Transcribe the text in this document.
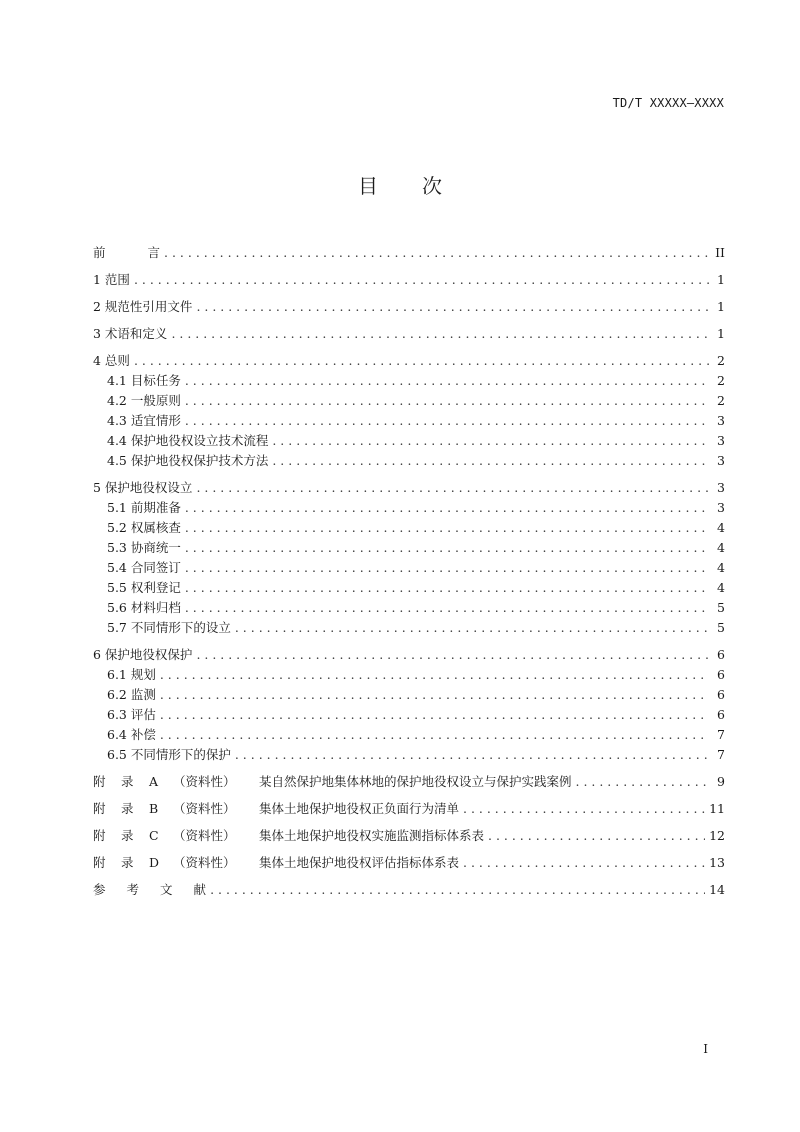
TD/T XXXXX—XXXX
目 次
前	言 . . .	II
1 范围 . . .	1
2 规范性引用文件 . . .	1
3 术语和定义 . . .	1
4 总则 . . .	2
4.1 目标任务 . . .	2
4.2 一般原则 . . .	2
4.3 适宜情形 . . .	3
4.4 保护地役权设立技术流程 . . .	3
4.5 保护地役权保护技术方法 . . .	3
5 保护地役权设立 . . .	3
5.1 前期准备 . . .	3
5.2 权属核查 . . .	4
5.3 协商统一 . . .	4
5.4 合同签订 . . .	4
5.5 权利登记 . . .	4
5.6 材料归档 . . .	5
5.7 不同情形下的设立 . . .	5
6 保护地役权保护 . . .	6
6.1 规划 . . .	6
6.2 监测 . . .	6
6.3 评估 . . .	6
6.4 补偿 . . .	7
6.5 不同情形下的保护 . . .	7
附 录 A （资料性） 某自然保护地集体林地的保护地役权设立与保护实践案例 . . .	9
附 录 B （资料性） 集体土地保护地役权正负面行为清单 . . .	11
附 录 C （资料性） 集体土地保护地役权实施监测指标体系表 . . .	12
附 录 D （资料性） 集体土地保护地役权评估指标体系表 . . .	13
参 考 文 献 . . .	14
I
